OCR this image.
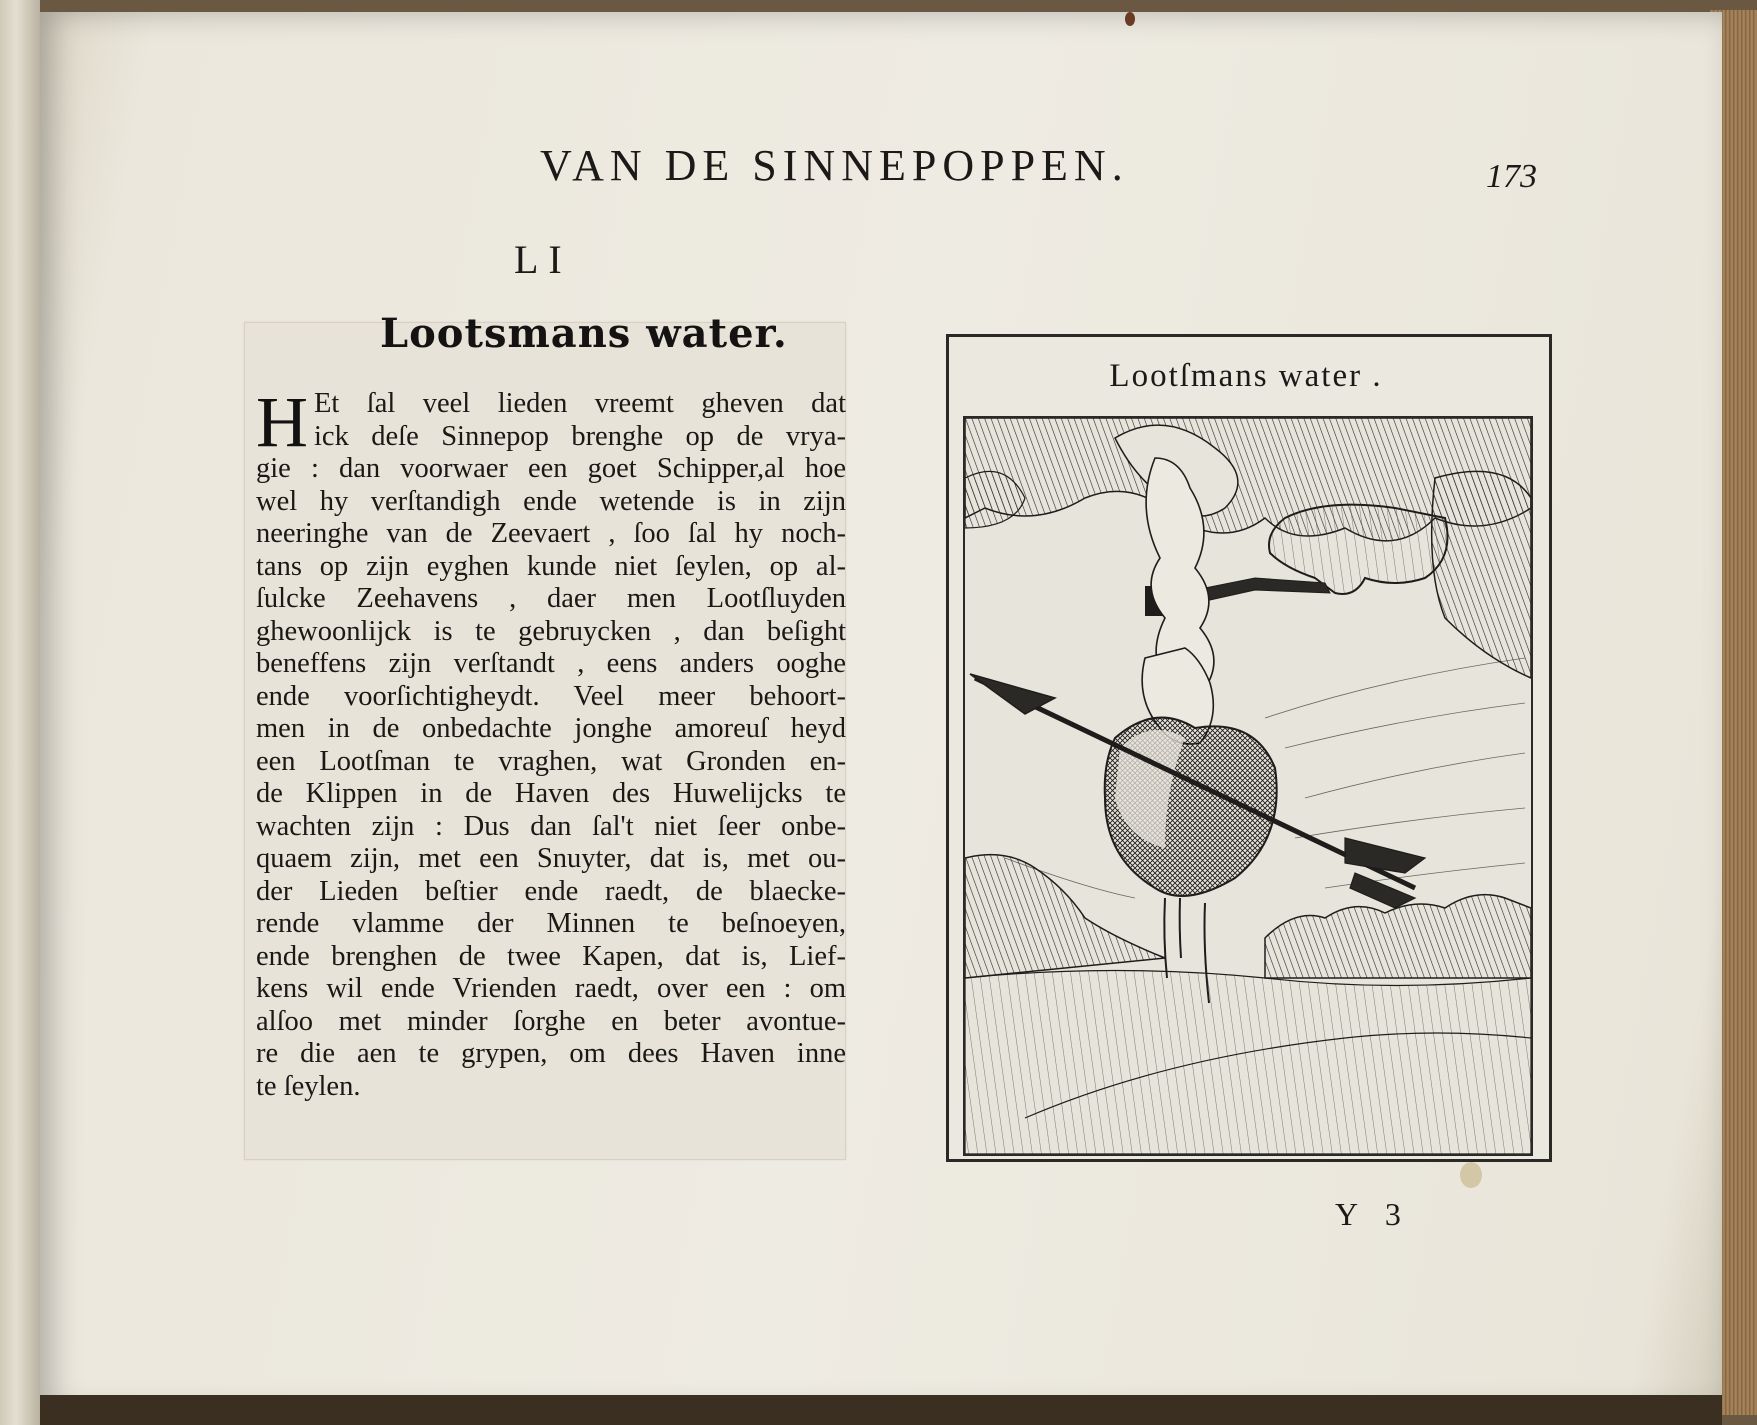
VAN DE SINNEPOPPEN.	173
LI
Lootsmans water.
H Et ſal veel lieden vreemt gheven dat
ick deſe Sinnepop brenghe op de vrya-
gie : dan voorwaer een goet Schipper,al hoe
wel hy verſtandigh ende wetende is in zijn
neeringhe van de Zeevaert , ſoo ſal hy noch-
tans op zijn eyghen kunde niet ſeylen, op al-
ſulcke Zeehavens , daer men Lootſluyden
ghewoonlijck is te gebruycken , dan beſight
beneffens zijn verſtandt , eens anders ooghe
ende voorſichtigheydt. Veel meer behoort-
men in de onbedachte jonghe amoreuſ heyd
een Lootſman te vraghen, wat Gronden en-
de Klippen in de Haven des Huwelijcks te
wachten zijn : Dus dan ſal't niet ſeer onbe-
quaem zijn, met een Snuyter, dat is, met ou-
der Lieden beſtier ende raedt, de blaecke-
rende vlamme der Minnen te beſnoeyen,
ende brenghen de twee Kapen, dat is, Lief-
kens wil ende Vrienden raedt, over een : om
alſoo met minder ſorghe en beter avontue-
re die aen te grypen, om dees Haven inne
te ſeylen.
Lootſmans water .
Y 3
